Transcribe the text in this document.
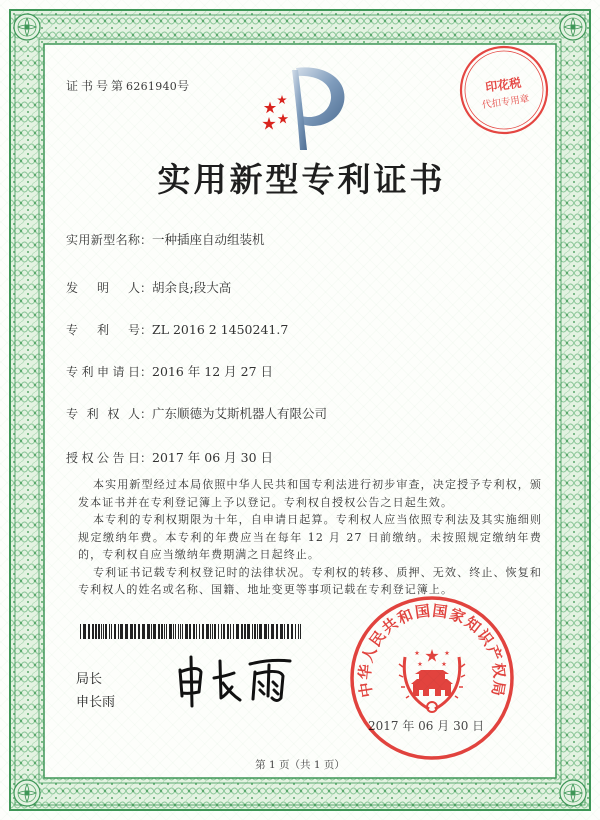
证书号第6261940号	印花税
代扣专用章
实用新型专利证书
实用新型名称：一种插座自动组装机
发明人：胡余良;段大高
专利号：ZL 2016 2 1450241.7
专利申请日：2016 年 12 月 27 日
专利权人：广东顺德为艾斯机器人有限公司
授权公告日：2017 年 06 月 30 日

本实用新型经过本局依照中华人民共和国专利法进行初步审查，决定授予专利权，颁发本证书并在专利登记簿上予以登记。专利权自授权公告之日起生效。

本专利的专利权期限为十年，自申请日起算。专利权人应当依照专利法及其实施细则规定缴纳年费。本专利的年费应当在每年 12 月 27 日前缴纳。未按照规定缴纳年费的，专利权自应当缴纳年费期满之日起终止。

专利证书记载专利权登记时的法律状况。专利权的转移、质押、无效、终止、恢复和专利权人的姓名或名称、国籍、地址变更等事项记载在专利登记簿上。

局长
申长雨
2017 年 06 月 30 日
中华人民共和国国家知识产权局
第 1 页（共 1 页）
